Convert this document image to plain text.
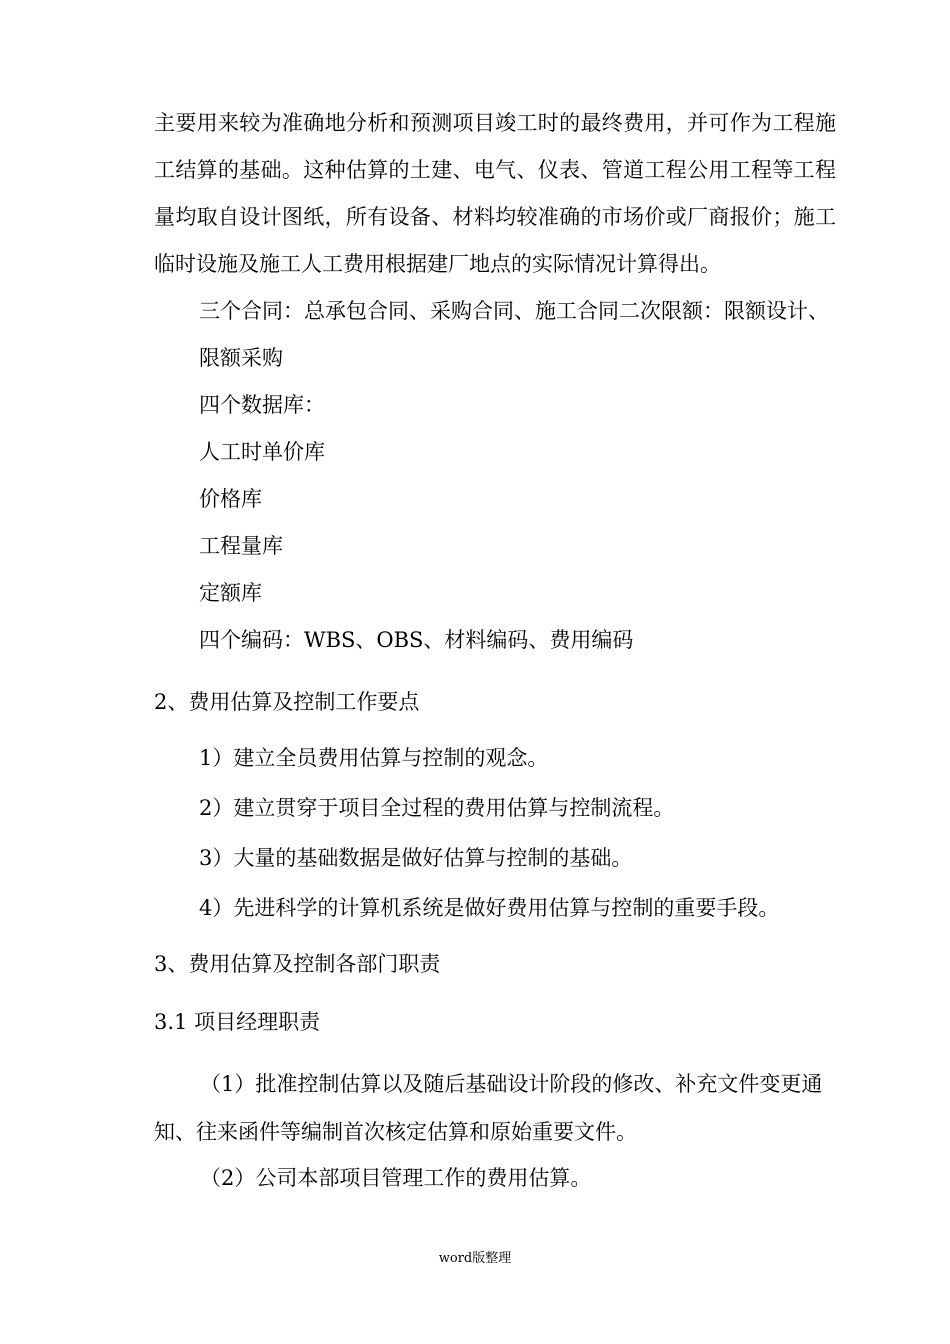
主要用来较为准确地分析和预测项目竣工时的最终费用，并可作为工程施
工结算的基础。这种估算的土建、电气、仪表、管道工程公用工程等工程
量均取自设计图纸，所有设备、材料均较准确的市场价或厂商报价；施工
临时设施及施工人工费用根据建厂地点的实际情况计算得出。
三个合同：总承包合同、采购合同、施工合同二次限额：限额设计、
限额采购
四个数据库：
人工时单价库
价格库
工程量库
定额库
四个编码：WBS、OBS、材料编码、费用编码
2、费用估算及控制工作要点
1）建立全员费用估算与控制的观念。
2）建立贯穿于项目全过程的费用估算与控制流程。
3）大量的基础数据是做好估算与控制的基础。
4）先进科学的计算机系统是做好费用估算与控制的重要手段。
3、费用估算及控制各部门职责
3.1 项目经理职责
（1）批准控制估算以及随后基础设计阶段的修改、补充文件变更通
知、往来函件等编制首次核定估算和原始重要文件。
（2）公司本部项目管理工作的费用估算。
word版整理
